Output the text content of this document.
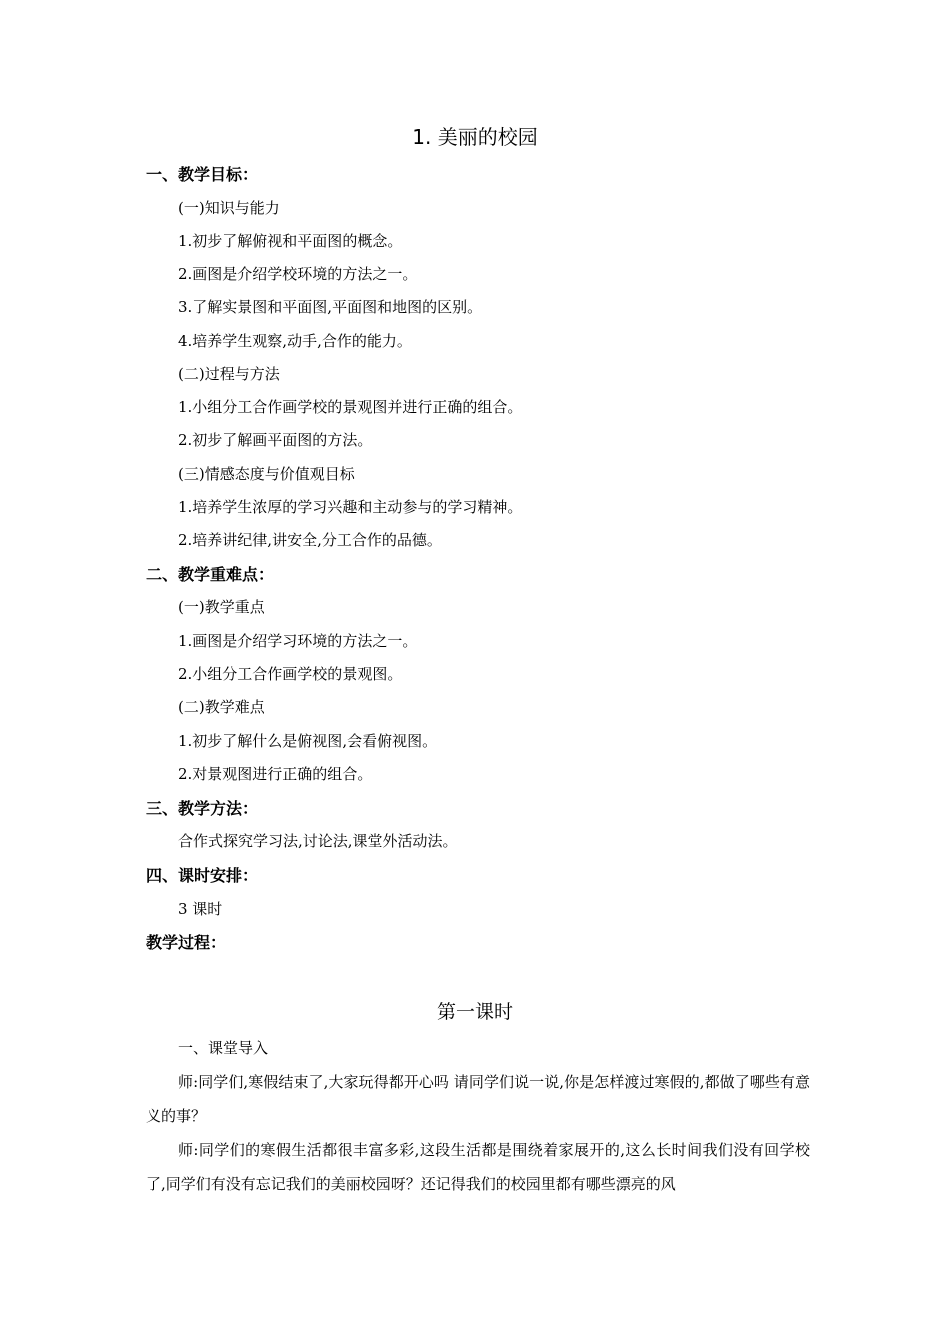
1. 美丽的校园
一、教学目标：
(一)知识与能力
1.初步了解俯视和平面图的概念。
2.画图是介绍学校环境的方法之一。
3.了解实景图和平面图,平面图和地图的区别。
4.培养学生观察,动手,合作的能力。
(二)过程与方法
1.小组分工合作画学校的景观图并进行正确的组合。
2.初步了解画平面图的方法。
(三)情感态度与价值观目标
1.培养学生浓厚的学习兴趣和主动参与的学习精神。
2.培养讲纪律,讲安全,分工合作的品德。
二、教学重难点：
(一)教学重点
1.画图是介绍学习环境的方法之一。
2.小组分工合作画学校的景观图。
(二)教学难点
1.初步了解什么是俯视图,会看俯视图。
2.对景观图进行正确的组合。
三、教学方法：
合作式探究学习法,讨论法,课堂外活动法。
四、课时安排：
3 课时
教学过程：
第一课时
一、课堂导入
师:同学们,寒假结束了,大家玩得都开心吗 请同学们说一说,你是怎样渡过寒假的,都做了哪些有意义的事？
师:同学们的寒假生活都很丰富多彩,这段生活都是围绕着家展开的,这么长时间我们没有回学校了,同学们有没有忘记我们的美丽校园呀？还记得我们的校园里都有哪些漂亮的风
